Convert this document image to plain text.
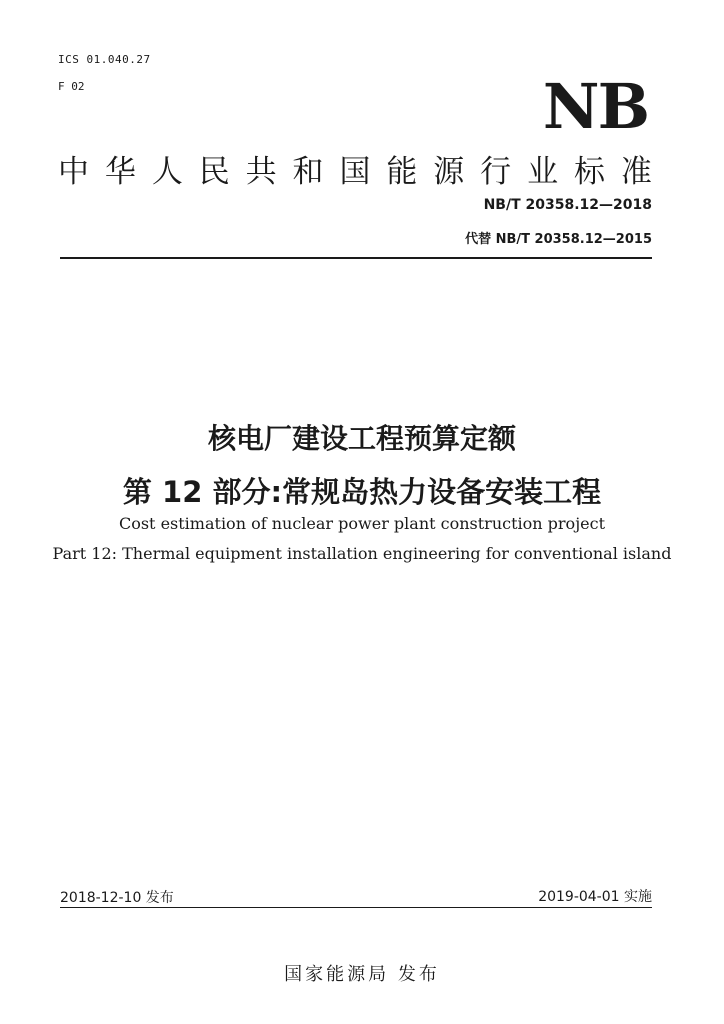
ICS 01.040.27
F 02	NB
中 华 人 民 共 和 国 能 源 行 业 标 准
NB/T 20358.12—2018
代替 NB/T 20358.12—2015
核电厂建设工程预算定额
第 12 部分:常规岛热力设备安装工程
Cost estimation of nuclear power plant construction project
Part 12: Thermal equipment installation engineering for conventional island
2018-12-10 发布	2019-04-01 实施
国家能源局 发布
